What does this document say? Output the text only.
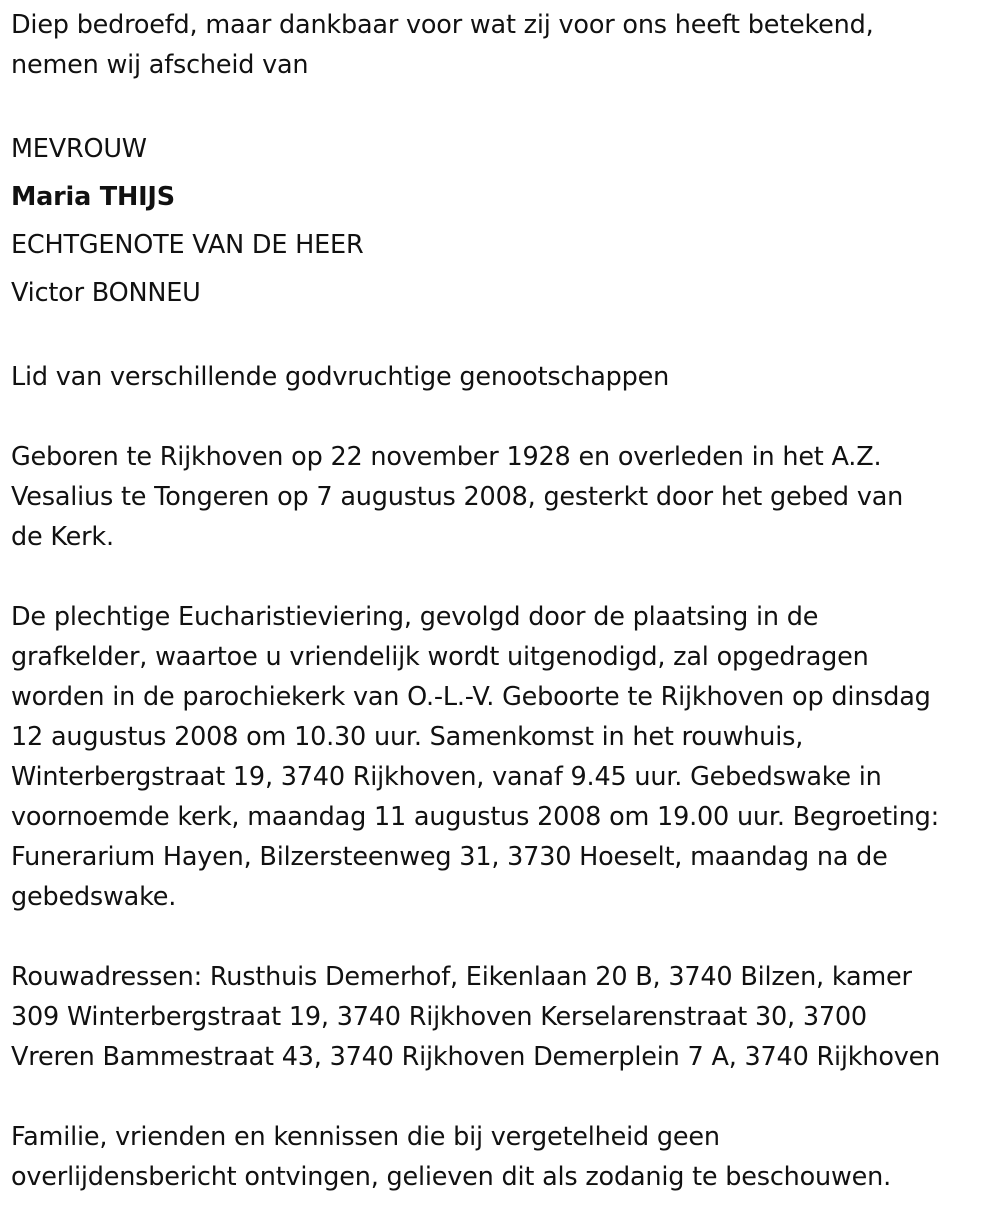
Diep bedroefd, maar dankbaar voor wat zij voor ons heeft betekend,
nemen wij afscheid van
MEVROUW
Maria THIJS
ECHTGENOTE VAN DE HEER
Victor BONNEU
Lid van verschillende godvruchtige genootschappen
Geboren te Rijkhoven op 22 november 1928 en overleden in het A.Z.
Vesalius te Tongeren op 7 augustus 2008, gesterkt door het gebed van
de Kerk.
De plechtige Eucharistieviering, gevolgd door de plaatsing in de
grafkelder, waartoe u vriendelijk wordt uitgenodigd, zal opgedragen
worden in de parochiekerk van O.-L.-V. Geboorte te Rijkhoven op dinsdag
12 augustus 2008 om 10.30 uur. Samenkomst in het rouwhuis,
Winterbergstraat 19, 3740 Rijkhoven, vanaf 9.45 uur. Gebedswake in
voornoemde kerk, maandag 11 augustus 2008 om 19.00 uur. Begroeting:
Funerarium Hayen, Bilzersteenweg 31, 3730 Hoeselt, maandag na de
gebedswake.
Rouwadressen: Rusthuis Demerhof, Eikenlaan 20 B, 3740 Bilzen, kamer
309 Winterbergstraat 19, 3740 Rijkhoven Kerselarenstraat 30, 3700
Vreren Bammestraat 43, 3740 Rijkhoven Demerplein 7 A, 3740 Rijkhoven
Familie, vrienden en kennissen die bij vergetelheid geen
overlijdensbericht ontvingen, gelieven dit als zodanig te beschouwen.
